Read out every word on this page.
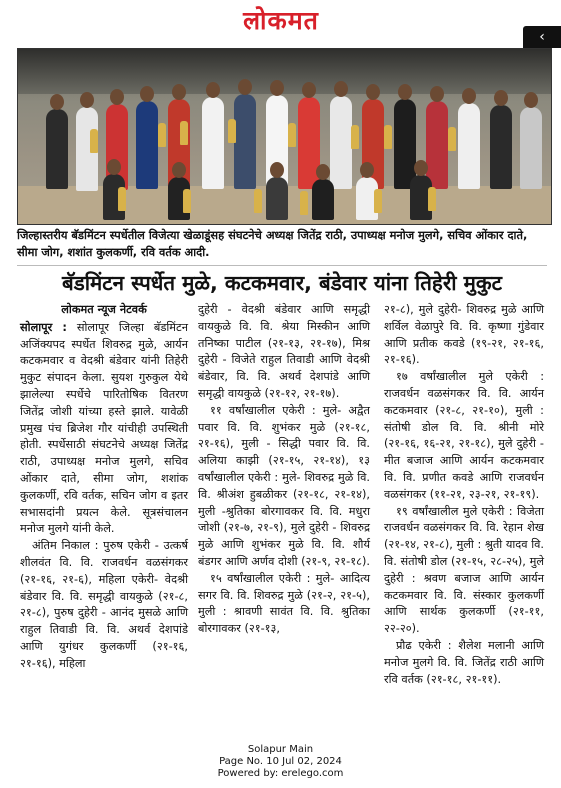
लोकमत
‹
जिल्हास्तरीय बॅडमिंटन स्पर्धेतील विजेत्या खेळाडूंसह संघटनेचे अध्यक्ष जितेंद्र राठी, उपाध्यक्ष मनोज मुलगे, सचिव ओंकार दाते, सीमा जोग, शशांत कुलकर्णी, रवि वर्तक आदी.
बॅडमिंटन स्पर्धेत मुळे, कटकमवार, बंडेवार यांना तिहेरी मुकुट

लोकमत न्यूज नेटवर्क

सोलापूर : सोलापूर जिल्हा बॅडमिंटन अजिंक्यपद स्पर्धेत शिवरुद्र मुळे, आर्यन कटकमवार व वेदश्री बंडेवार यांनी तिहेरी मुकुट संपादन केला. सुयश गुरुकुल येथे झालेल्या स्पर्धेचे पारितोषिक वितरण जितेंद्र जोशी यांच्या हस्ते झाले. यावेळी प्रमुख पंच ब्रिजेश गौर यांचीही उपस्थिती होती. स्पर्धेसाठी संघटनेचे अध्यक्ष जितेंद्र राठी, उपाध्यक्ष मनोज मुलगे, सचिव ओंकार दाते, सीमा जोग, शशांक कुलकर्णी, रवि वर्तक, सचिन जोग व इतर सभासदांनी प्रयत्न केले. सूत्रसंचालन मनोज मुलगे यांनी केले.

अंतिम निकाल : पुरुष एकेरी - उत्कर्ष शीलवंत वि. वि. राजवर्धन वळसंगकर (२१-१६, २१-६), महिला एकेरी- वेदश्री बंडेवार वि. वि. समृद्धी वायकुळे (२१-८, २१-८), पुरुष दुहेरी - आनंद मुसळे आणि राहुल तिवाडी वि. वि. अथर्व देशपांडे आणि युगंधर कुलकर्णी (२१-१६, २१-१६), महिला

दुहेरी - वेदश्री बंडेवार आणि समृद्धी वायकुळे वि. वि. श्रेया मिस्कीन आणि तनिष्का पाटील (२१-१३, २१-१७), मिश्र दुहेरी - विजेते राहुल तिवाडी आणि वेदश्री बंडेवार, वि. वि. अथर्व देशपांडे आणि समृद्धी वायकुळे (२१-१२, २१-१७).

११ वर्षांखालील एकेरी : मुले- अद्वैत पवार वि. वि. शुभंकर मुळे (२१-१८, २१-१६), मुली - सिद्धी पवार वि. वि. अलिया काझी (२१-१५, २१-१४), १३ वर्षांखालील एकेरी : मुले- शिवरुद्र मुळे वि. वि. श्रीअंश हुबळीकर (२१-१८, २१-१४), मुली -श्रुतिका बोरगावकर वि. वि. मधुरा जोशी (२१-७, २१-९), मुले दुहेरी - शिवरुद्र मुळे आणि शुभंकर मुळे वि. वि. शौर्य बंडगर आणि अर्णव दोशी (२१-९, २१-१८).

१५ वर्षांखालील एकेरी : मुले- आदित्य सगर वि. वि. शिवरुद्र मुळे (२१-२, २१-५), मुली : श्रावणी सावंत वि. वि. श्रुतिका बोरगावकर (२१-१३,

२१-८), मुले दुहेरी- शिवरुद्र मुळे आणि शर्विल वेळापुरे वि. वि. कृष्णा गुंडेवार आणि प्रतीक कवडे (१९-२१, २१-१६, २१-१६).

१७ वर्षांखालील मुले एकेरी : राजवर्धन वळसंगकर वि. वि. आर्यन कटकमवार (२१-८, २१-१०), मुली : संतोषी डोल वि. वि. श्रीनी मोरे (२१-१६, १६-२१, २१-१८), मुले दुहेरी - मीत बजाज आणि आर्यन कटकमवार वि. वि. प्रणीत कवडे आणि राजवर्धन वळसंगकर (११-२१, २३-२१, २१-१९).

१९ वर्षांखालील मुले एकेरी : विजेता राजवर्धन वळसंगकर वि. वि. रेहान शेख (२१-१४, २१-८), मुली : श्रुती यादव वि. वि. संतोषी डोल (२१-१५, २८-२५), मुले दुहेरी : श्रवण बजाज आणि आर्यन कटकमवार वि. वि. संस्कार कुलकर्णी आणि सार्थक कुलकर्णी (२१-११, २२-२०).

प्रौढ एकेरी : शैलेश मलानी आणि मनोज मुलगे वि. वि. जितेंद्र राठी आणि रवि वर्तक (२१-१८, २१-११).

Solapur Main
Page No. 10 Jul 02, 2024
Powered by: erelego.com
